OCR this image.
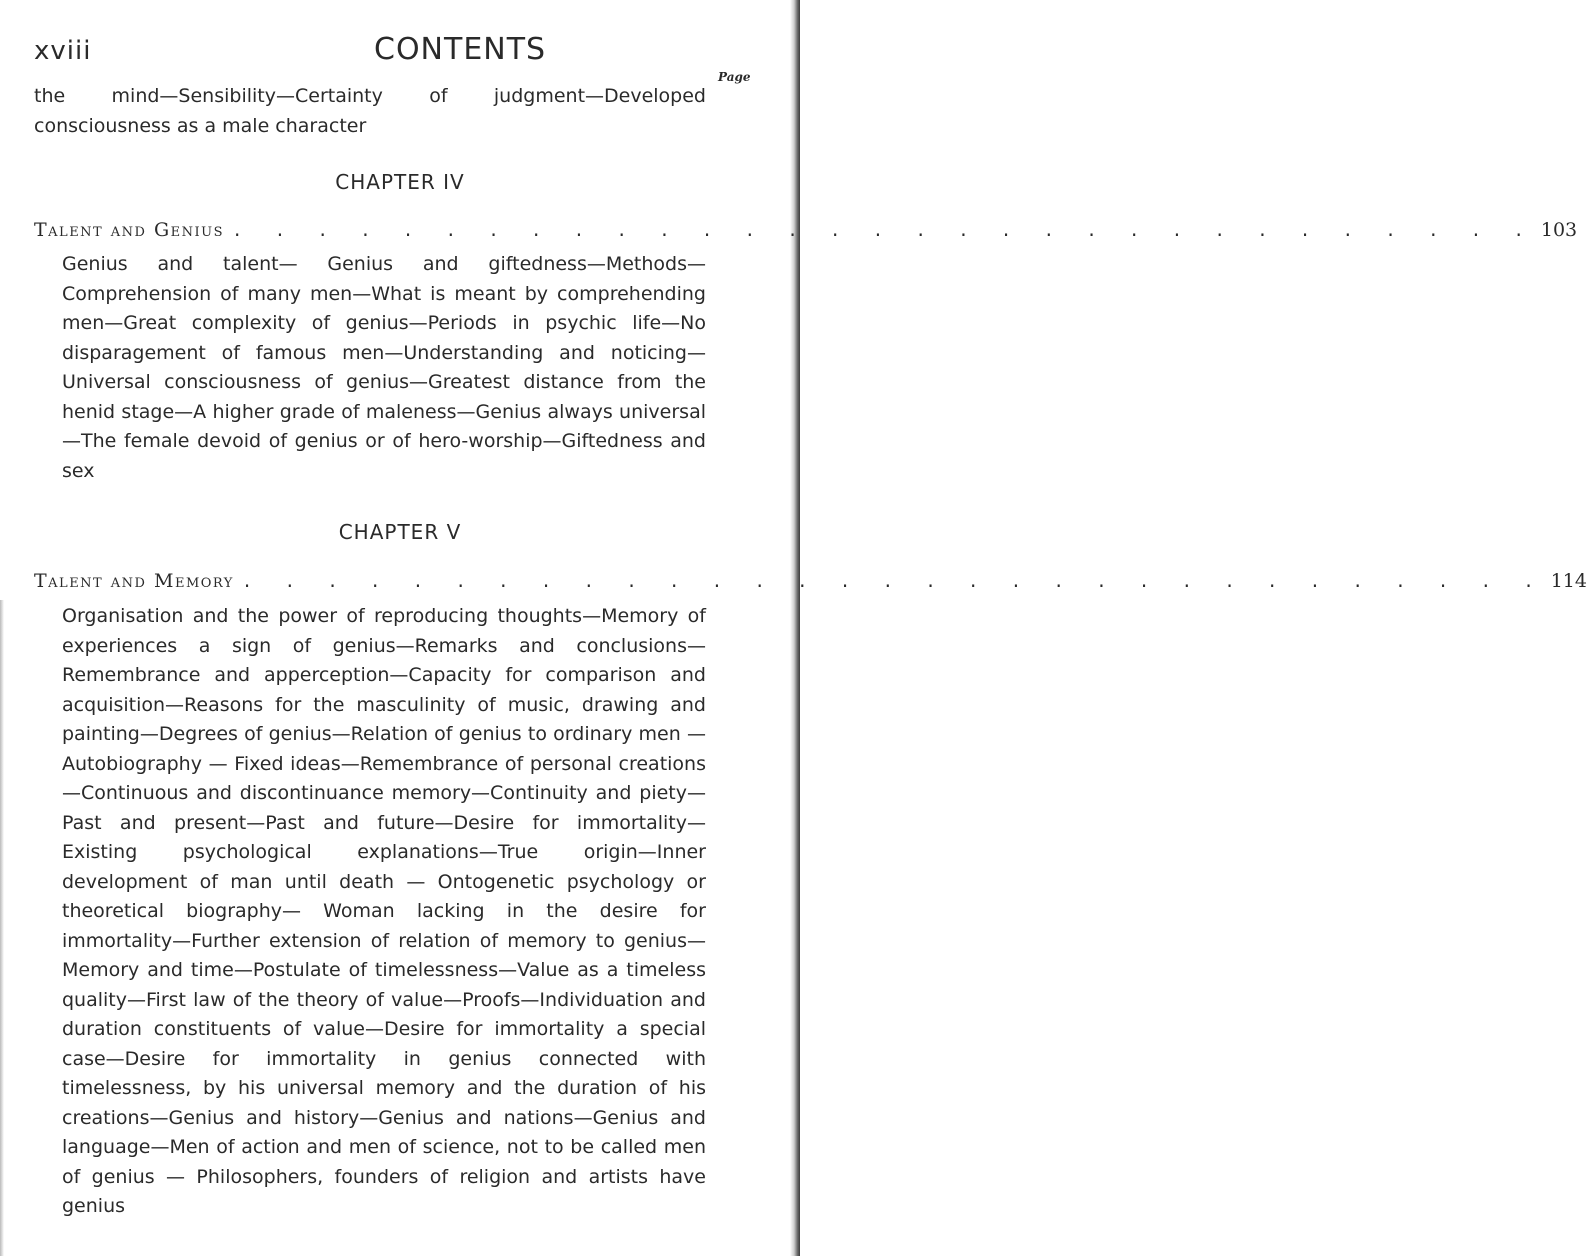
xviii	CONTENTS
Page
the mind—Sensibility—Certainty of judgment—Developed consciousness as a male character
CHAPTER IV
Talent and Genius . . . . . . . . . . . . . . . . . . . . . . . . . . . . . . . 103
Genius and talent— Genius and giftedness—Methods—Comprehension of many men—What is meant by comprehending men—Great complexity of genius—Periods in psychic life—No disparagement of famous men—Understanding and noticing—Universal consciousness of genius—Greatest distance from the henid stage—A higher grade of maleness—Genius always universal—The female devoid of genius or of hero-worship—Giftedness and sex
CHAPTER V
Talent and Memory . . . . . . . . . . . . . . . . . . . . . . . . . . . . . . . 114
Organisation and the power of reproducing thoughts—Memory of experiences a sign of genius—Remarks and conclusions—Remembrance and apperception—Capacity for comparison and acquisition—Reasons for the masculinity of music, drawing and painting—Degrees of genius—Relation of genius to ordinary men — Autobiography — Fixed ideas—Remembrance of personal creations—Continuous and discontinuance memory—Continuity and piety—Past and present—Past and future—Desire for immortality—Existing psychological explanations—True origin—Inner development of man until death — Ontogenetic psychology or theoretical biography— Woman lacking in the desire for immortality—Further extension of relation of memory to genius—Memory and time—Postulate of timelessness—Value as a timeless quality—First law of the theory of value—Proofs—Individuation and duration constituents of value—Desire for immortality a special case—Desire for immortality in genius connected with timelessness, by his universal memory and the duration of his creations—Genius and history—Genius and nations—Genius and language—Men of action and men of science, not to be called men of genius — Philosophers, founders of religion and artists have genius
